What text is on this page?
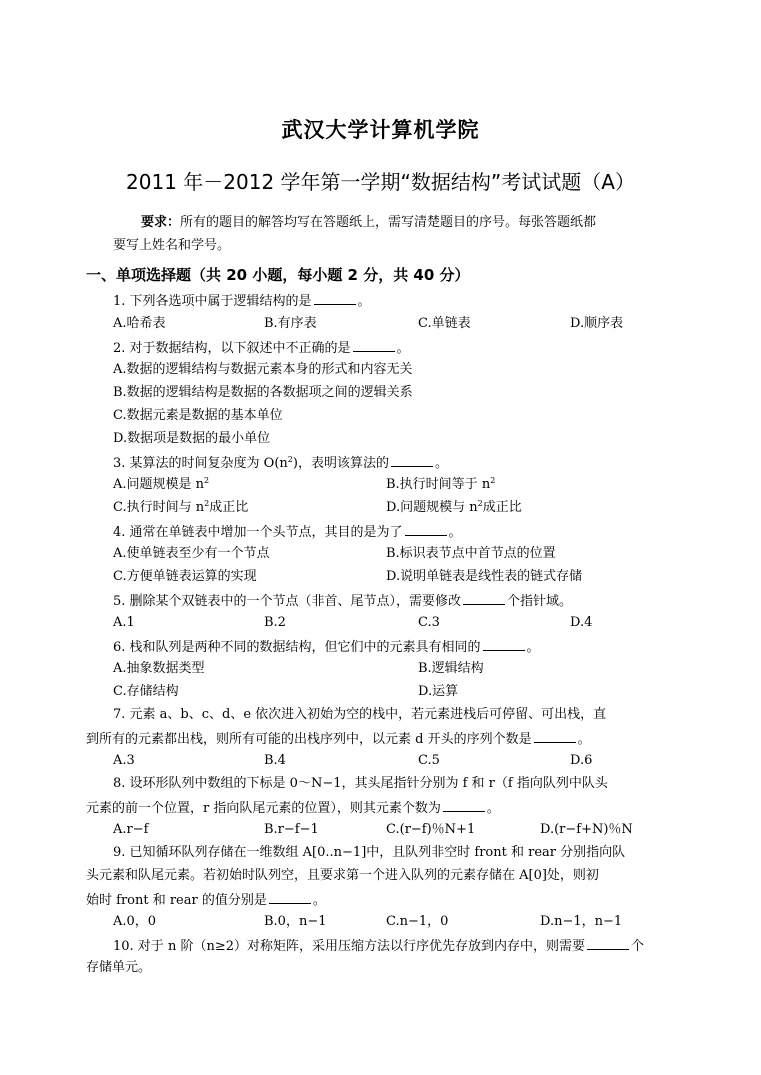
武汉大学计算机学院
2011 年－2012 学年第一学期“数据结构”考试试题（A）
要求：所有的题目的解答均写在答题纸上，需写清楚题目的序号。每张答题纸都
要写上姓名和学号。
一、单项选择题（共 20 小题，每小题 2 分，共 40 分）
1. 下列各选项中属于逻辑结构的是	。
A.哈希表	B.有序表	C.单链表	D.顺序表
2. 对于数据结构，以下叙述中不正确的是	。
A.数据的逻辑结构与数据元素本身的形式和内容无关
B.数据的逻辑结构是数据的各数据项之间的逻辑关系
C.数据元素是数据的基本单位
D.数据项是数据的最小单位
3. 某算法的时间复杂度为 $O(n^2)$，表明该算法的	。
A.问题规模是 $n^2$	B.执行时间等于 $n^2$
C.执行时间与 $n^2$成正比	D.问题规模与 $n^2$成正比
4. 通常在单链表中增加一个头节点，其目的是为了	。
A.使单链表至少有一个节点	B.标识表节点中首节点的位置
C.方便单链表运算的实现	D.说明单链表是线性表的链式存储
5. 删除某个双链表中的一个节点（非首、尾节点），需要修改	个指针域。
A.1	B.2	C.3	D.4
6. 栈和队列是两种不同的数据结构，但它们中的元素具有相同的	。
A.抽象数据类型	B.逻辑结构
C.存储结构	D.运算
7. 元素 a、b、c、d、e 依次进入初始为空的栈中，若元素进栈后可停留、可出栈，直
到所有的元素都出栈，则所有可能的出栈序列中，以元素 d 开头的序列个数是	。
A.3	B.4	C.5	D.6
8. 设环形队列中数组的下标是 0～N−1，其头尾指针分别为 f 和 r（f 指向队列中队头
元素的前一个位置，r 指向队尾元素的位置），则其元素个数为	。
A.r−f	B.r−f−1	C.(r−f)％N+1	D.(r−f+N)％N
9. 已知循环队列存储在一维数组 A[0..n−1]中，且队列非空时 front 和 rear 分别指向队
头元素和队尾元素。若初始时队列空，且要求第一个进入队列的元素存储在 A[0]处，则初
始时 front 和 rear 的值分别是	。
A.0，0	B.0，n−1	C.n−1，0	D.n−1，n−1
10. 对于 n 阶（n≥2）对称矩阵，采用压缩方法以行序优先存放到内存中，则需要	个
存储单元。
